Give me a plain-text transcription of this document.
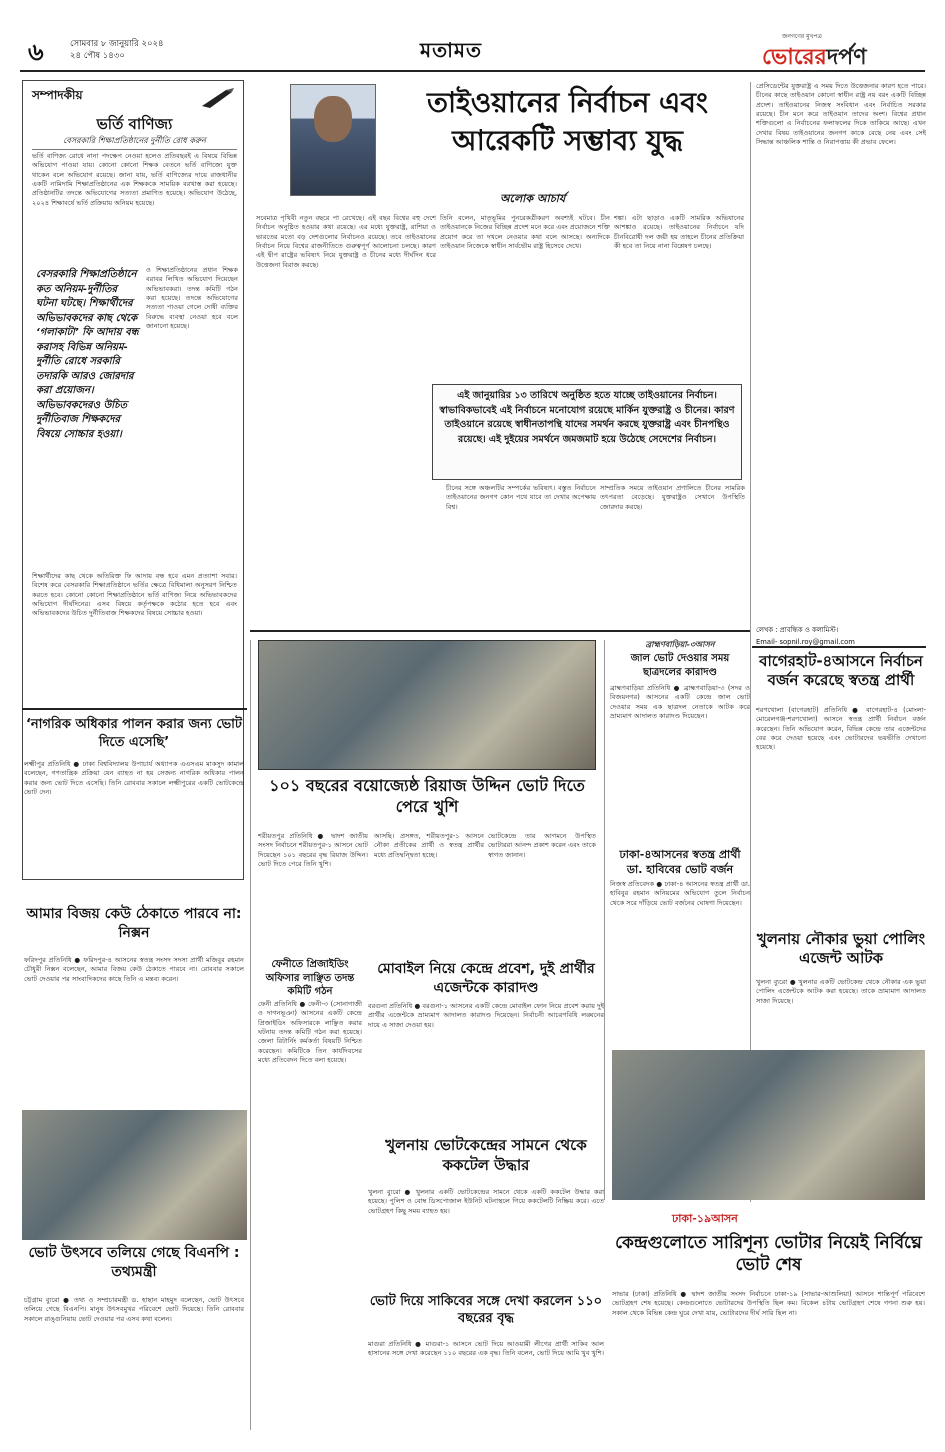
৬	সোমবার ৮ জানুয়ারি ২০২৪
২৪ পৌষ ১৪৩০	মতামত
জনগণের মুখপত্র
ভোরেরদর্পণ
সম্পাদকীয়
ভর্তি বাণিজ্য
বেসরকারি শিক্ষাপ্রতিষ্ঠানের দুর্নীতি রোধ করুন
ভর্তি বাণিজ্য রোধে নানা পদক্ষেপ নেওয়া হলেও প্রতিবছরই এ বিষয়ে বিভিন্ন অভিযোগ পাওয়া যায়। কোনো কোনো শিক্ষক বেতনে ভর্তি বাণিজ্যে যুক্ত থাকেন বলে অভিযোগ রয়েছে। জানা যায়, ভর্তি বাণিজ্যের দায়ে রাজধানীর একটি নামিদামি শিক্ষাপ্রতিষ্ঠানের এক শিক্ষককে সাময়িক বরখাস্ত করা হয়েছে। প্রতিষ্ঠানটির তদন্তে অভিযোগের সত্যতা প্রমাণিত হয়েছে। অভিযোগ উঠেছে, ২০২৪ শিক্ষাবর্ষে ভর্তি প্রক্রিয়ায় অনিয়ম হয়েছে।
বেসরকারি শিক্ষাপ্রতিষ্ঠানে কত অনিয়ম-দুর্নীতির ঘটনা ঘটছে। শিক্ষার্থীদের অভিভাবকদের কাছ থেকে ‘গলাকাটা’ ফি আদায় বন্ধ করাসহ বিভিন্ন অনিয়ম-দুর্নীতি রোধে সরকারি তদারকি আরও জোরদার করা প্রয়োজন। অভিভাবকদেরও উচিত দুর্নীতিবাজ শিক্ষকদের বিষয়ে সোচ্চার হওয়া।
ও শিক্ষাপ্রতিষ্ঠানের প্রধান শিক্ষক বরাবর লিখিত অভিযোগ দিয়েছেন অভিভাবকরা। তদন্ত কমিটি গঠন করা হয়েছে। তদন্তে অভিযোগের সত্যতা পাওয়া গেলে দোষী ব্যক্তির বিরুদ্ধে ব্যবস্থা নেওয়া হবে বলে জানানো হয়েছে।
শিক্ষার্থীদের কাছ থেকে অতিরিক্ত ফি আদায় বন্ধ হবে এমন প্রত্যাশা সবার। বিশেষ করে বেসরকারি শিক্ষাপ্রতিষ্ঠানে ভর্তির ক্ষেত্রে বিধিমালা অনুসরণ নিশ্চিত করতে হবে। কোনো কোনো শিক্ষাপ্রতিষ্ঠানে ভর্তি বাণিজ্য নিয়ে অভিভাবকদের অভিযোগ দীর্ঘদিনের। এসব বিষয়ে কর্তৃপক্ষকে কঠোর হতে হবে এবং অভিভাবকদের উচিত দুর্নীতিবাজ শিক্ষকদের বিষয়ে সোচ্চার হওয়া।
তাইওয়ানের নির্বাচন এবং আরেকটি সম্ভাব্য যুদ্ধ
অলোক আচার্য
সবেমাত্র পৃথিবী নতুন বছরে পা রেখেছে। এই বছর বিশ্বের বহু দেশে নির্বাচন অনুষ্ঠিত হওয়ার কথা রয়েছে। এর মধ্যে যুক্তরাষ্ট্র, রাশিয়া ও ভারতের মতো বড় দেশগুলোর নির্বাচনও রয়েছে। তবে তাইওয়ানের নির্বাচন নিয়ে বিশ্বের রাজনীতিতে গুরুত্বপূর্ণ আলোচনা চলছে। কারণ এই দ্বীপ রাষ্ট্রের ভবিষ্যৎ নিয়ে যুক্তরাষ্ট্র ও চীনের মধ্যে দীর্ঘদিন ধরে উত্তেজনা বিরাজ করছে।
তিনি বলেন, মাতৃভূমির পুনরেকত্রীকরণ অবশ্যই ঘটবে। চীন তাইওয়ানকে নিজের বিচ্ছিন্ন প্রদেশ মনে করে এবং প্রয়োজনে শক্তি প্রয়োগ করে তা দখলে নেওয়ার কথা বলে আসছে। অন্যদিকে তাইওয়ান নিজেকে স্বাধীন সার্বভৌম রাষ্ট্র হিসেবে দেখে।
শঙ্কা। এটা ছাড়াও একটি সামরিক অভিযানের আশঙ্কাও রয়েছে। তাইওয়ানের নির্বাচনে যদি চীনবিরোধী দল জয়ী হয় তাহলে চীনের প্রতিক্রিয়া কী হবে তা নিয়ে নানা বিশ্লেষণ চলছে।
এই জানুয়ারির ১৩ তারিখে অনুষ্ঠিত হতে যাচ্ছে তাইওয়ানের নির্বাচন। স্বাভাবিকভাবেই এই নির্বাচনে মনোযোগ রয়েছে মার্কিন যুক্তরাষ্ট্র ও চীনের। কারণ তাইওয়ানে রয়েছে স্বাধীনতাপন্থি যাদের সমর্থন করছে যুক্তরাষ্ট্র এবং চীনপন্থিও রয়েছে। এই দুইয়ের সমর্থনে জমজমাট হয়ে উঠেছে সেদেশের নির্বাচন।
চীনের সঙ্গে অঞ্চলটির সম্পর্কের ভবিষ্যৎ। বস্তুত নির্বাচনে তাইওয়ানের জনগণ কোন পথে যাবে তা দেখার অপেক্ষায় বিশ্ব।
সাম্প্রতিক সময়ে তাইওয়ান প্রণালিতে চীনের সামরিক তৎপরতা বেড়েছে। যুক্তরাষ্ট্রও সেখানে উপস্থিতি জোরদার করছে।
প্রেসিডেন্টের যুক্তরাষ্ট্র এ সময় দিতে উত্তেজনার কারণ হতে পারে। চীনের কাছে তাইওয়ান কোনো স্বাধীন রাষ্ট্র নয় বরং একটি বিচ্ছিন্ন প্রদেশ। তাইওয়ানের নিজস্ব সংবিধান এবং নির্বাচিত সরকার রয়েছে। চীন মনে করে তাইওয়ান তাদের অংশ। বিশ্বের প্রধান শক্তিগুলো এ নির্বাচনের ফলাফলের দিকে তাকিয়ে আছে। এখন দেখার বিষয় তাইওয়ানের জনগণ কাকে বেছে নেয় এবং সেই সিদ্ধান্ত আঞ্চলিক শান্তি ও নিরাপত্তায় কী প্রভাব ফেলে।
লেখক : প্রাবন্ধিক ও কলামিস্ট।
Email- sopnil.roy@gmail.com
‘নাগরিক অধিকার পালন করার জন্য ভোট দিতে এসেছি’
লক্ষ্মীপুর প্রতিনিধি ● ঢাকা বিশ্ববিদ্যালয় উপাচার্য অধ্যাপক এএসএম মাকসুদ কামাল বলেছেন, গণতান্ত্রিক প্রক্রিয়া যেন ব্যাহত না হয় সেজন্য নাগরিক অধিকার পালন করার জন্য ভোট দিতে এসেছি। তিনি রোববার সকালে লক্ষ্মীপুরের একটি ভোটকেন্দ্রে ভোট দেন।
আমার বিজয় কেউ ঠেকাতে পারবে না: নিক্সন
ফরিদপুর প্রতিনিধি ● ফরিদপুর-৪ আসনের স্বতন্ত্র সংসদ সদস্য প্রার্থী মজিবুর রহমান চৌধুরী নিক্সন বলেছেন, আমার বিজয় কেউ ঠেকাতে পারবে না। রোববার সকালে ভোট দেওয়ার পর সাংবাদিকদের কাছে তিনি এ মন্তব্য করেন।
ভোট উৎসবে তলিয়ে গেছে বিএনপি : তথ্যমন্ত্রী
চট্টগ্রাম ব্যুরো ● তথ্য ও সম্প্রচারমন্ত্রী ড. হাছান মাহমুদ বলেছেন, ভোট উৎসবে তলিয়ে গেছে বিএনপি। মানুষ উৎসবমুখর পরিবেশে ভোট দিয়েছে। তিনি রোববার সকালে রাঙ্গুনিয়ায় ভোট দেওয়ার পর এসব কথা বলেন।
১০১ বছরের বয়োজ্যেষ্ঠ রিয়াজ উদ্দিন ভোট দিতে পেরে খুশি
শরীয়তপুর প্রতিনিধি ● দ্বাদশ জাতীয় সংসদ নির্বাচনে শরীয়তপুর-১ আসনে ভোট দিয়েছেন ১০১ বছরের বৃদ্ধ রিয়াজ উদ্দিন। ভোট দিতে পেরে তিনি খুশি।
আসছি। প্রসঙ্গত, শরীয়তপুর-১ আসনে নৌকা প্রতীকের প্রার্থী ও স্বতন্ত্র প্রার্থীর মধ্যে প্রতিদ্বন্দ্বিতা হচ্ছে।
ভোটকেন্দ্রে তার আগমনে উপস্থিত ভোটাররা আনন্দ প্রকাশ করেন এবং তাকে স্বাগত জানান।
ব্রাহ্মণবাড়িয়া-৩আসন
জাল ভোট দেওয়ার সময় ছাত্রদলের কারাদণ্ড
ব্রাহ্মণবাড়িয়া প্রতিনিধি ● ব্রাহ্মণবাড়িয়া-৩ (সদর ও বিজয়নগর) আসনের একটি কেন্দ্রে জাল ভোট দেওয়ার সময় এক ছাত্রদল নেতাকে আটক করে ভ্রাম্যমাণ আদালত কারাদণ্ড দিয়েছেন।
ঢাকা-৪আসনের স্বতন্ত্র প্রার্থী ডা. হাবিবের ভোট বর্জন
নিজস্ব প্রতিবেদক ● ঢাকা-৪ আসনের স্বতন্ত্র প্রার্থী ডা. হাবিবুর রহমান অনিয়মের অভিযোগ তুলে নির্বাচন থেকে সরে দাঁড়িয়ে ভোট বর্জনের ঘোষণা দিয়েছেন।
বাগেরহাট-৪আসনে নির্বাচন বর্জন করেছে স্বতন্ত্র প্রার্থী
শরণখোলা (বাগেরহাট) প্রতিনিধি ● বাগেরহাট-৪ (মোংলা-মোরেলগঞ্জ-শরণখোলা) আসনে স্বতন্ত্র প্রার্থী নির্বাচন বর্জন করেছেন। তিনি অভিযোগ করেন, বিভিন্ন কেন্দ্রে তার এজেন্টদের বের করে দেওয়া হয়েছে এবং ভোটারদের ভয়ভীতি দেখানো হয়েছে।
খুলনায় নৌকার ভুয়া পোলিং এজেন্ট আটক
খুলনা ব্যুরো ● খুলনার একটি ভোটকেন্দ্র থেকে নৌকার এক ভুয়া পোলিং এজেন্টকে আটক করা হয়েছে। তাকে ভ্রাম্যমাণ আদালত সাজা দিয়েছে।
ফেনীতে প্রিজাইডিং অফিসার লাঞ্ছিত তদন্ত কমিটি গঠন
ফেনী প্রতিনিধি ● ফেনী-৩ (সোনাগাজী ও দাগনভূঞা) আসনের একটি কেন্দ্রে প্রিজাইডিং অফিসারকে লাঞ্ছিত করার ঘটনায় তদন্ত কমিটি গঠন করা হয়েছে। জেলা রিটার্নিং কর্মকর্তা বিষয়টি নিশ্চিত করেছেন। কমিটিকে তিন কার্যদিবসের মধ্যে প্রতিবেদন দিতে বলা হয়েছে।
মোবাইল নিয়ে কেন্দ্রে প্রবেশ, দুই প্রার্থীর এজেন্টকে কারাদণ্ড
বরগুনা প্রতিনিধি ● বরগুনা-১ আসনের একটি কেন্দ্রে মোবাইল ফোন নিয়ে প্রবেশ করায় দুই প্রার্থীর এজেন্টকে ভ্রাম্যমাণ আদালত কারাদণ্ড দিয়েছেন। নির্বাচনী আচরণবিধি লঙ্ঘনের দায়ে এ সাজা দেওয়া হয়।
খুলনায় ভোটকেন্দ্রের সামনে থেকে ককটেল উদ্ধার
খুলনা ব্যুরো ● খুলনার একটি ভোটকেন্দ্রের সামনে থেকে একটি ককটেল উদ্ধার করা হয়েছে। পুলিশ ও বোম্ব ডিসপোজাল ইউনিট ঘটনাস্থলে গিয়ে ককটেলটি নিষ্ক্রিয় করে। এতে ভোটগ্রহণ কিছু সময় ব্যাহত হয়।
ভোট দিয়ে সাকিবের সঙ্গে দেখা করলেন ১১০ বছরের বৃদ্ধ
মাগুরা প্রতিনিধি ● মাগুরা-১ আসনে ভোট দিয়ে আওয়ামী লীগের প্রার্থী সাকিব আল হাসানের সঙ্গে দেখা করেছেন ১১০ বছরের এক বৃদ্ধ। তিনি বলেন, ভোট দিয়ে আমি খুব খুশি।
ঢাকা-১৯আসন
কেন্দ্রগুলোতে সারিশূন্য ভোটার নিয়েই নির্বিঘ্নে ভোট শেষ
সাভার (ঢাকা) প্রতিনিধি ● দ্বাদশ জাতীয় সংসদ নির্বাচনে ঢাকা-১৯ (সাভার-আশুলিয়া) আসনে শান্তিপূর্ণ পরিবেশে ভোটগ্রহণ শেষ হয়েছে। কেন্দ্রগুলোতে ভোটারদের উপস্থিতি ছিল কম। বিকেল ৪টায় ভোটগ্রহণ শেষে গণনা শুরু হয়। সকাল থেকে বিভিন্ন কেন্দ্র ঘুরে দেখা যায়, ভোটারদের দীর্ঘ সারি ছিল না।
